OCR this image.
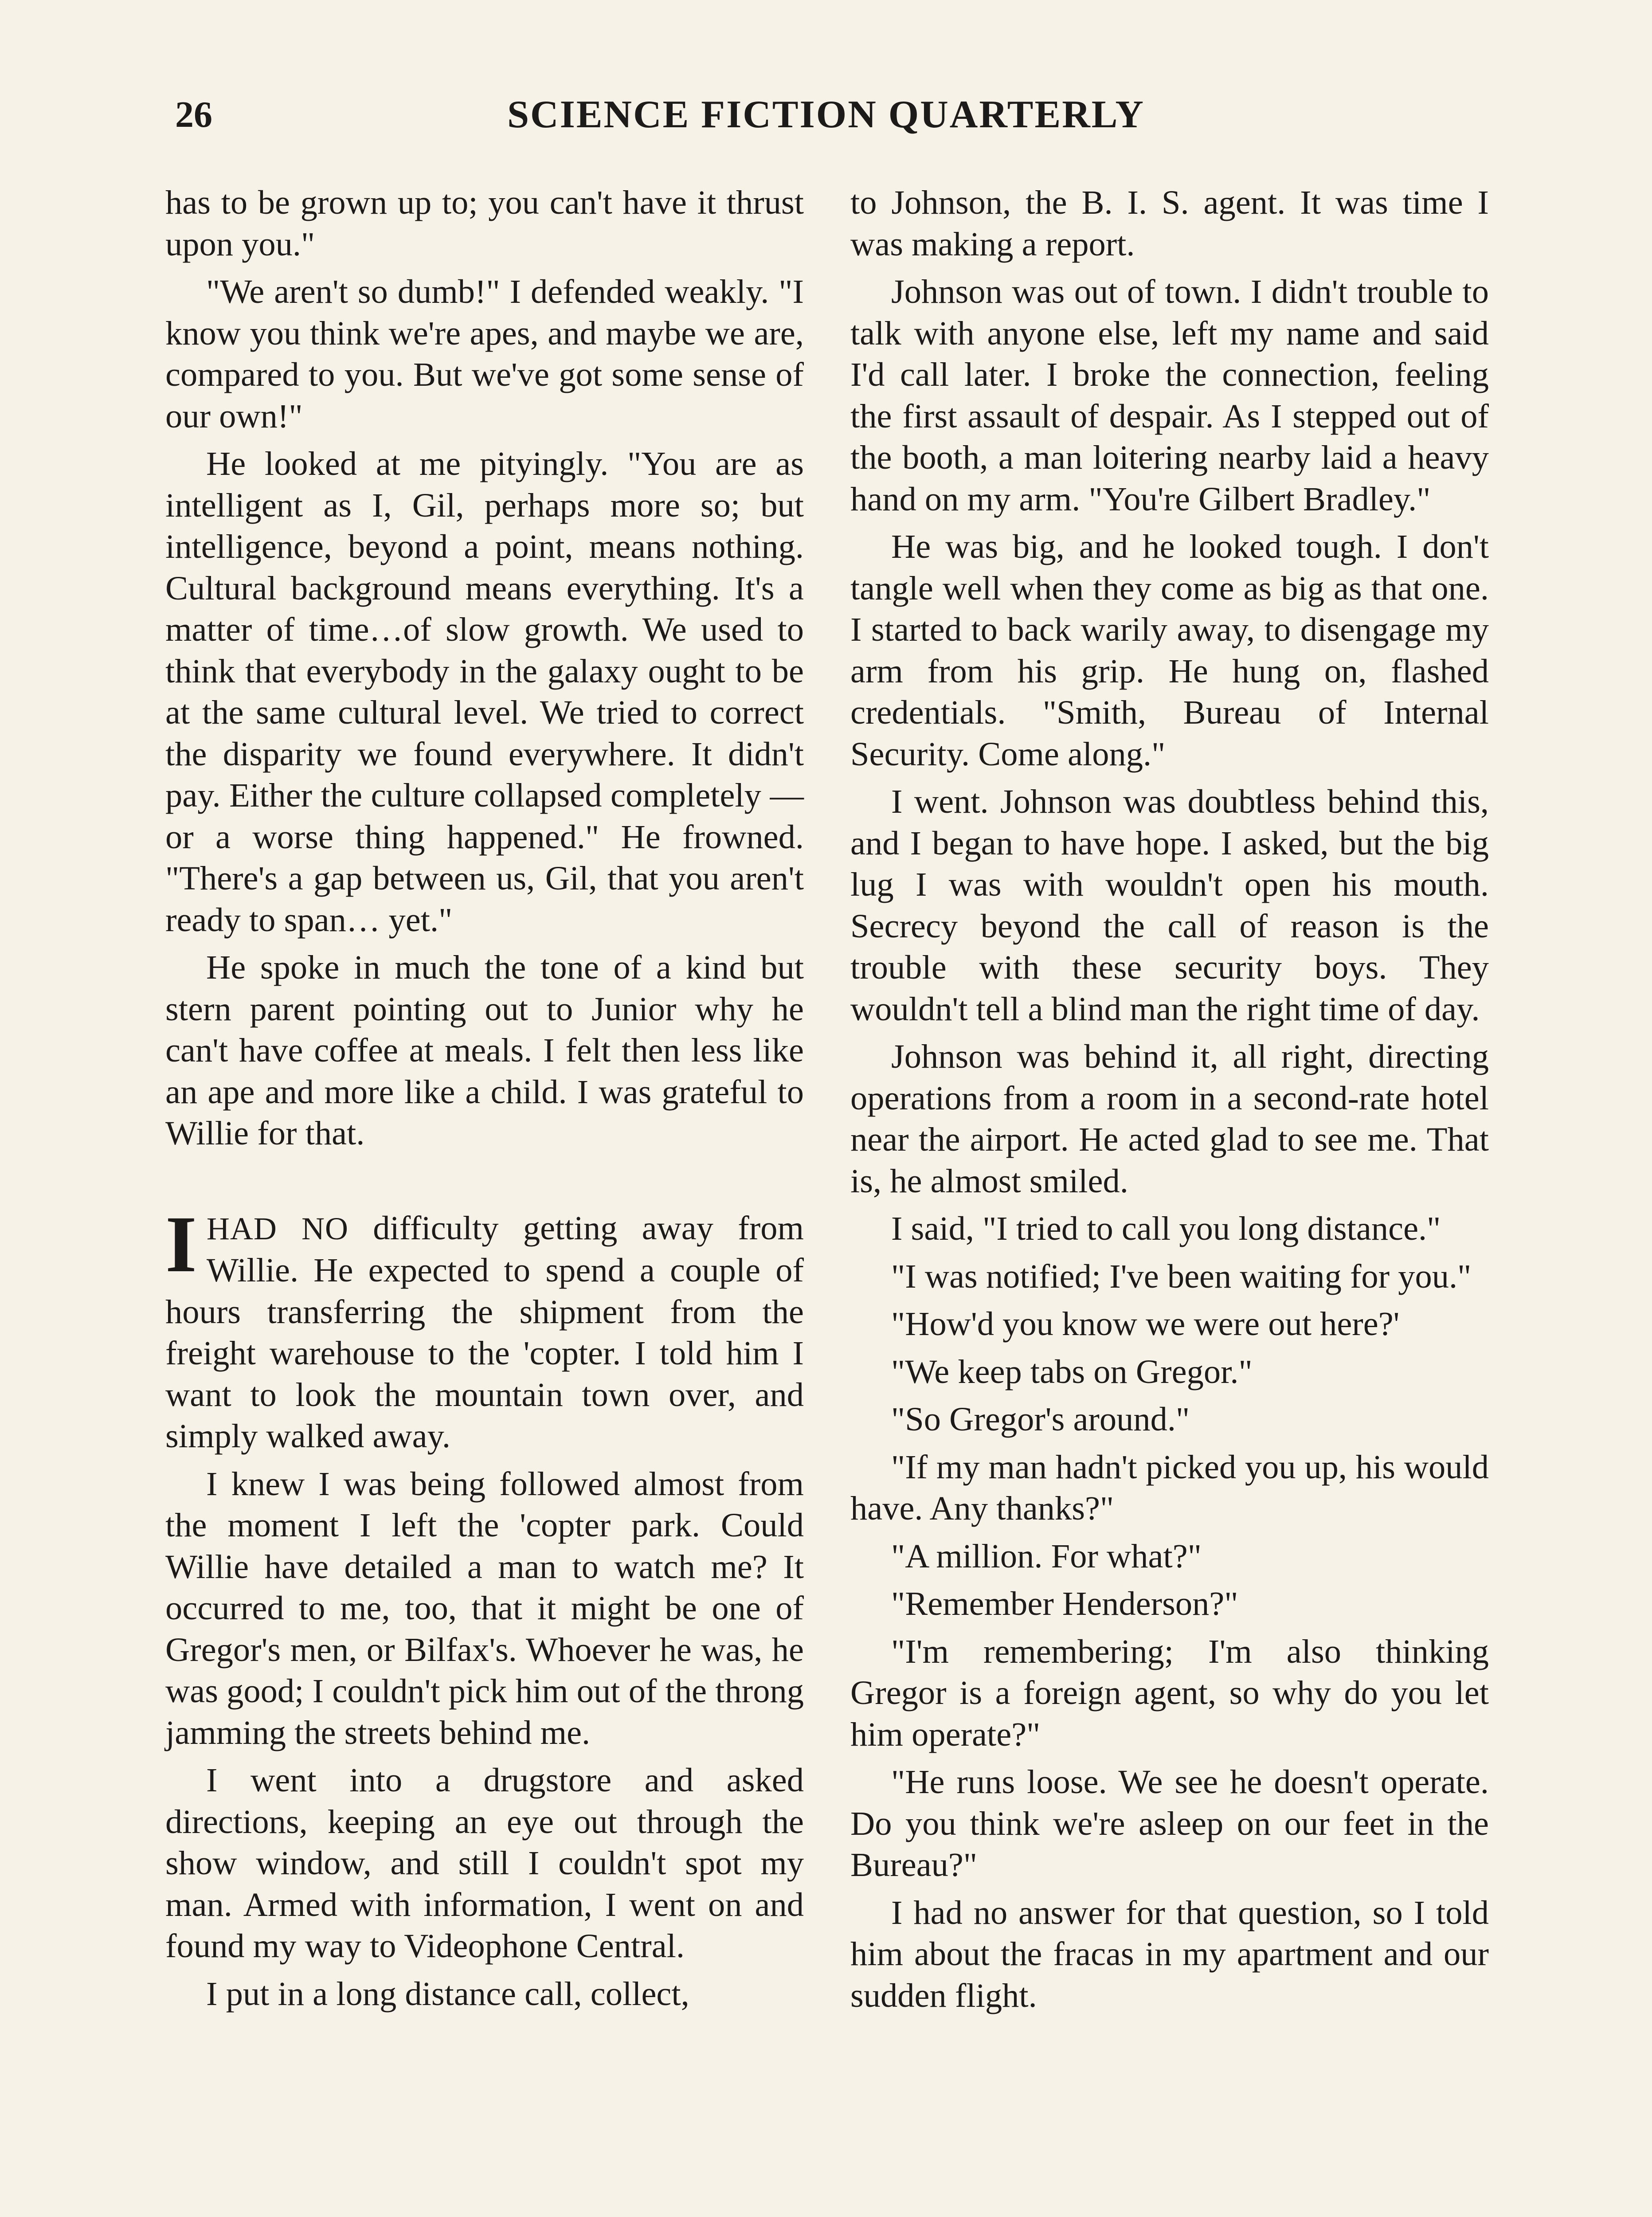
26	SCIENCE FICTION QUARTERLY

has to be grown up to; you can't have it thrust upon you."

"We aren't so dumb!" I defended weakly. "I know you think we're apes, and maybe we are, compared to you. But we've got some sense of our own!"

He looked at me pityingly. "You are as intelligent as I, Gil, perhaps more so; but intelligence, beyond a point, means nothing. Cultural background means everything. It's a matter of time…of slow growth. We used to think that everybody in the galaxy ought to be at the same cultural level. We tried to correct the disparity we found everywhere. It didn't pay. Either the culture collapsed completely —or a worse thing happened." He frowned. "There's a gap between us, Gil, that you aren't ready to span… yet."

He spoke in much the tone of a kind but stern parent pointing out to Junior why he can't have coffee at meals. I felt then less like an ape and more like a child. I was grateful to Willie for that.

IHAD NO difficulty getting away from Willie. He expected to spend a couple of hours transferring the shipment from the freight warehouse to the 'copter. I told him I want to look the mountain town over, and simply walked away.

I knew I was being followed almost from the moment I left the 'copter park. Could Willie have detailed a man to watch me? It occurred to me, too, that it might be one of Gregor's men, or Bilfax's. Whoever he was, he was good; I couldn't pick him out of the throng jamming the streets behind me.

I went into a drugstore and asked directions, keeping an eye out through the show window, and still I couldn't spot my man. Armed with information, I went on and found my way to Videophone Central.

I put in a long distance call, collect,

to Johnson, the B. I. S. agent. It was time I was making a report.

Johnson was out of town. I didn't trouble to talk with anyone else, left my name and said I'd call later. I broke the connection, feeling the first assault of despair. As I stepped out of the booth, a man loitering nearby laid a heavy hand on my arm. "You're Gilbert Bradley."

He was big, and he looked tough. I don't tangle well when they come as big as that one. I started to back warily away, to disengage my arm from his grip. He hung on, flashed credentials. "Smith, Bureau of Internal Security. Come along."

I went. Johnson was doubtless behind this, and I began to have hope. I asked, but the big lug I was with wouldn't open his mouth. Secrecy beyond the call of reason is the trouble with these security boys. They wouldn't tell a blind man the right time of day.

Johnson was behind it, all right, directing operations from a room in a second-rate hotel near the airport. He acted glad to see me. That is, he almost smiled.

I said, "I tried to call you long distance."

"I was notified; I've been waiting for you."

"How'd you know we were out here?'

"We keep tabs on Gregor."

"So Gregor's around."

"If my man hadn't picked you up, his would have. Any thanks?"

"A million. For what?"

"Remember Henderson?"

"I'm remembering; I'm also thinking Gregor is a foreign agent, so why do you let him operate?"

"He runs loose. We see he doesn't operate. Do you think we're asleep on our feet in the Bureau?"

I had no answer for that question, so I told him about the fracas in my apartment and our sudden flight.
